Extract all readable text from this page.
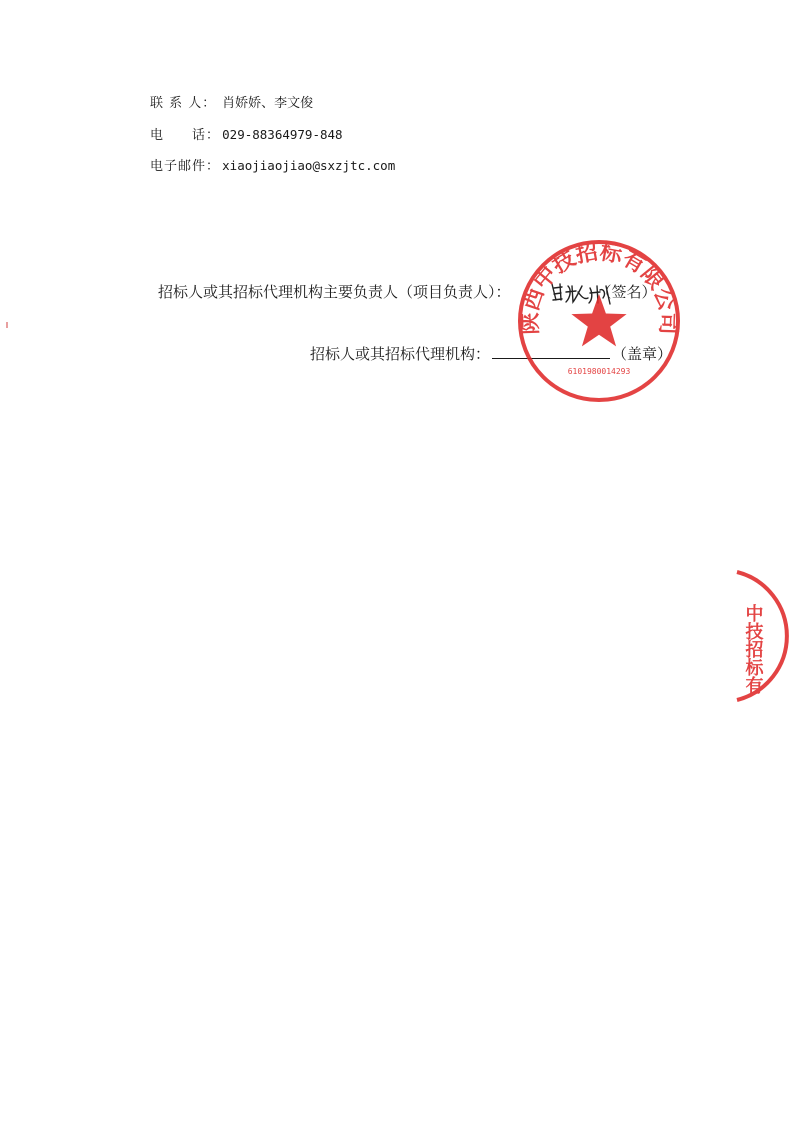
联 系 人： 肖娇娇、李文俊
电　　话： 029-88364979-848
电子邮件： xiaojiaojiao@sxzjtc.com
招标人或其招标代理机构主要负责人（项目负责人）：	（签名）
招标人或其招标代理机构：	（盖章）
陕西中技招标有限公司
6101980014293
中技招标有
